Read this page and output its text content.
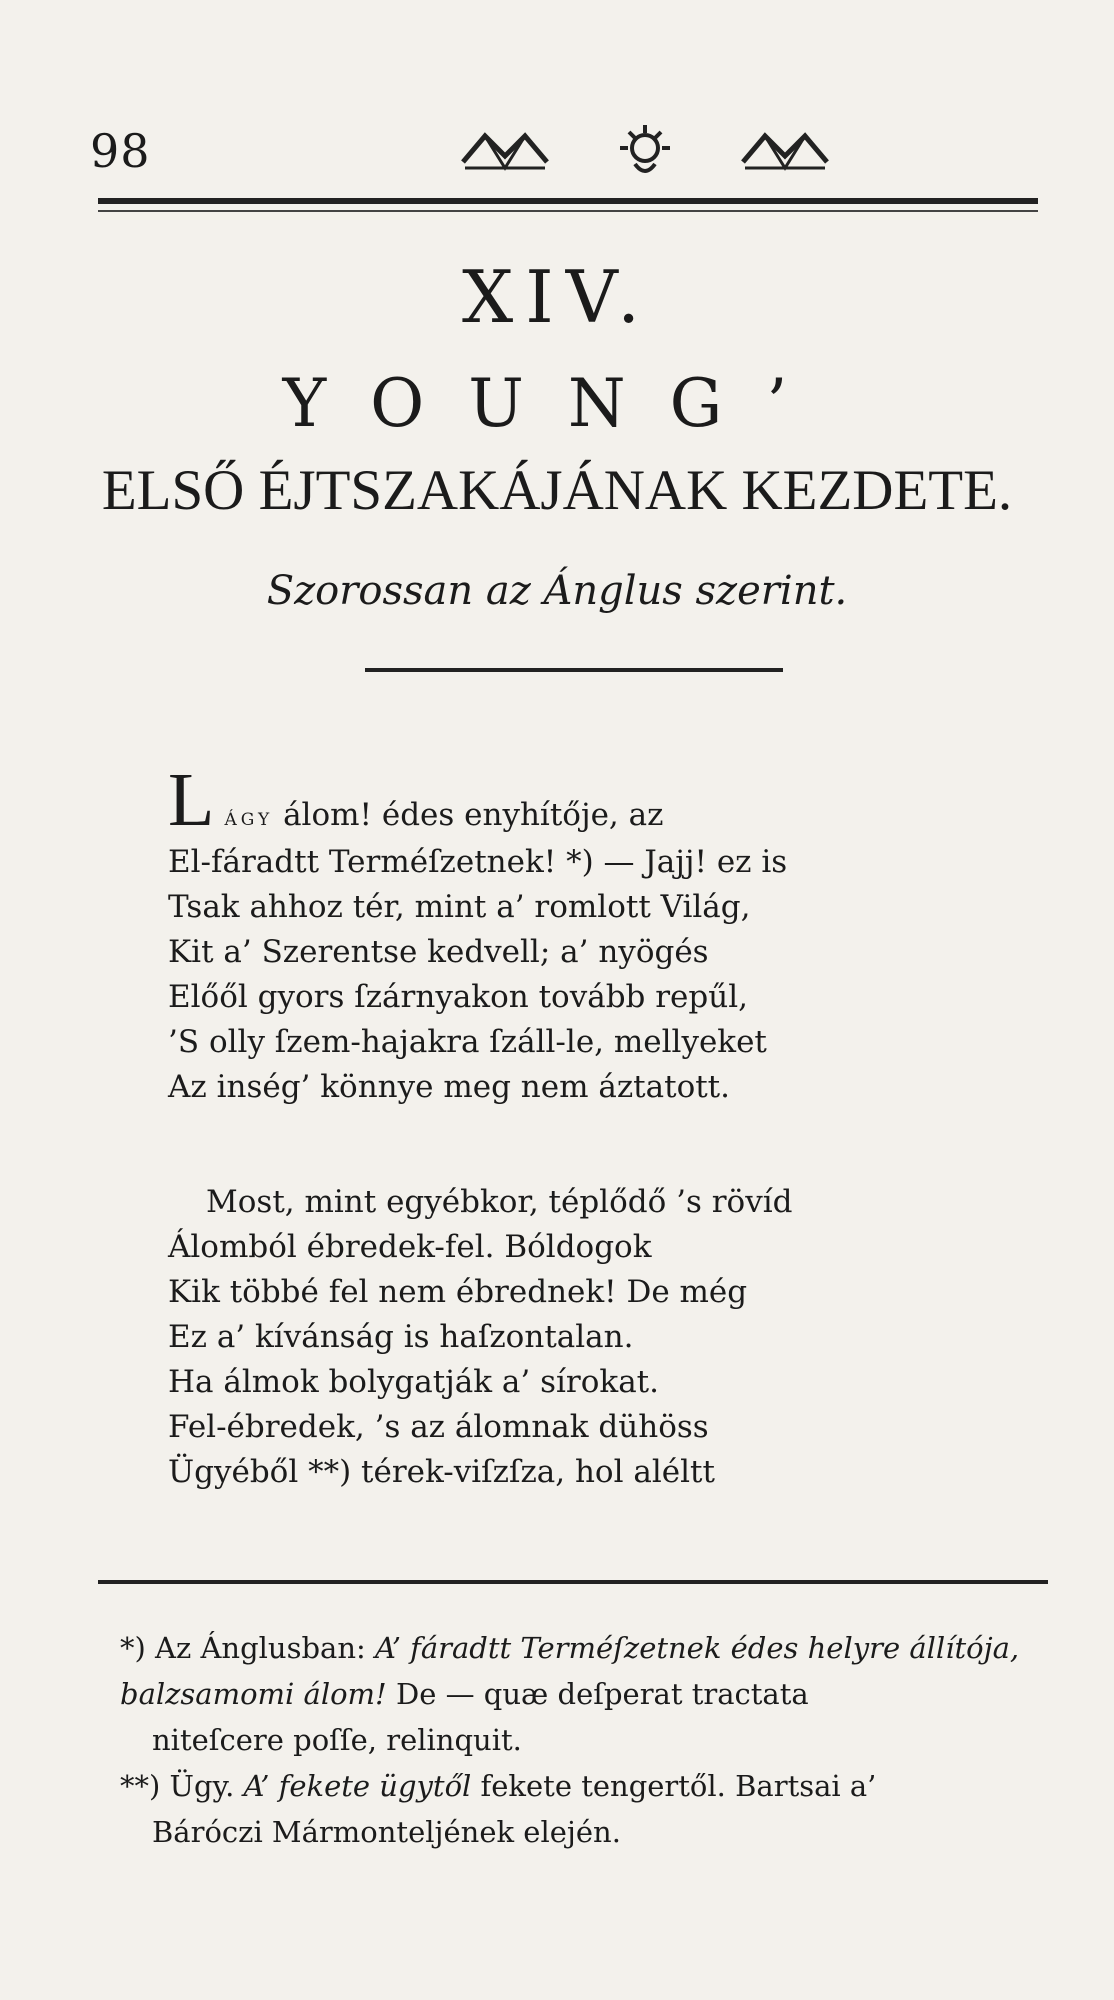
98
XIV.
YOUNG’
ELSŐ ÉJTSZAKÁJÁNAK KEZDETE.
Szorossan az Ánglus szerint.
Lágy álom! édes enyhítője, az
El-fáradtt Terméſzetnek! *) — Jajj! ez is
Tsak ahhoz tér, mint a’ romlott Világ,
Kit a’ Szerentse kedvell; a’ nyögés
Előől gyors ſzárnyakon tovább repűl,
’S olly ſzem-hajakra ſzáll-le, mellyeket
Az inség’ könnye meg nem áztatott.
Most, mint egyébkor, téplődő ’s rövíd
Álomból ébredek-fel. Bóldogok
Kik többé fel nem ébrednek! De még
Ez a’ kívánság is haſzontalan.
Ha álmok bolygatják a’ sírokat.
Fel-ébredek, ’s az álomnak dühöss
Ügyéből **) térek-viſzſza, hol aléltt
*) Az Ánglusban: A’ fáradtt Terméſzetnek édes helyre állítója, balzsamomi álom! De — quæ deſperat tractata
niteſcere poſſe, relinquit.
**) Ügy. A’ fekete ügytől fekete tengertől. Bartsai a’
Báróczi Mármonteljének elején.
